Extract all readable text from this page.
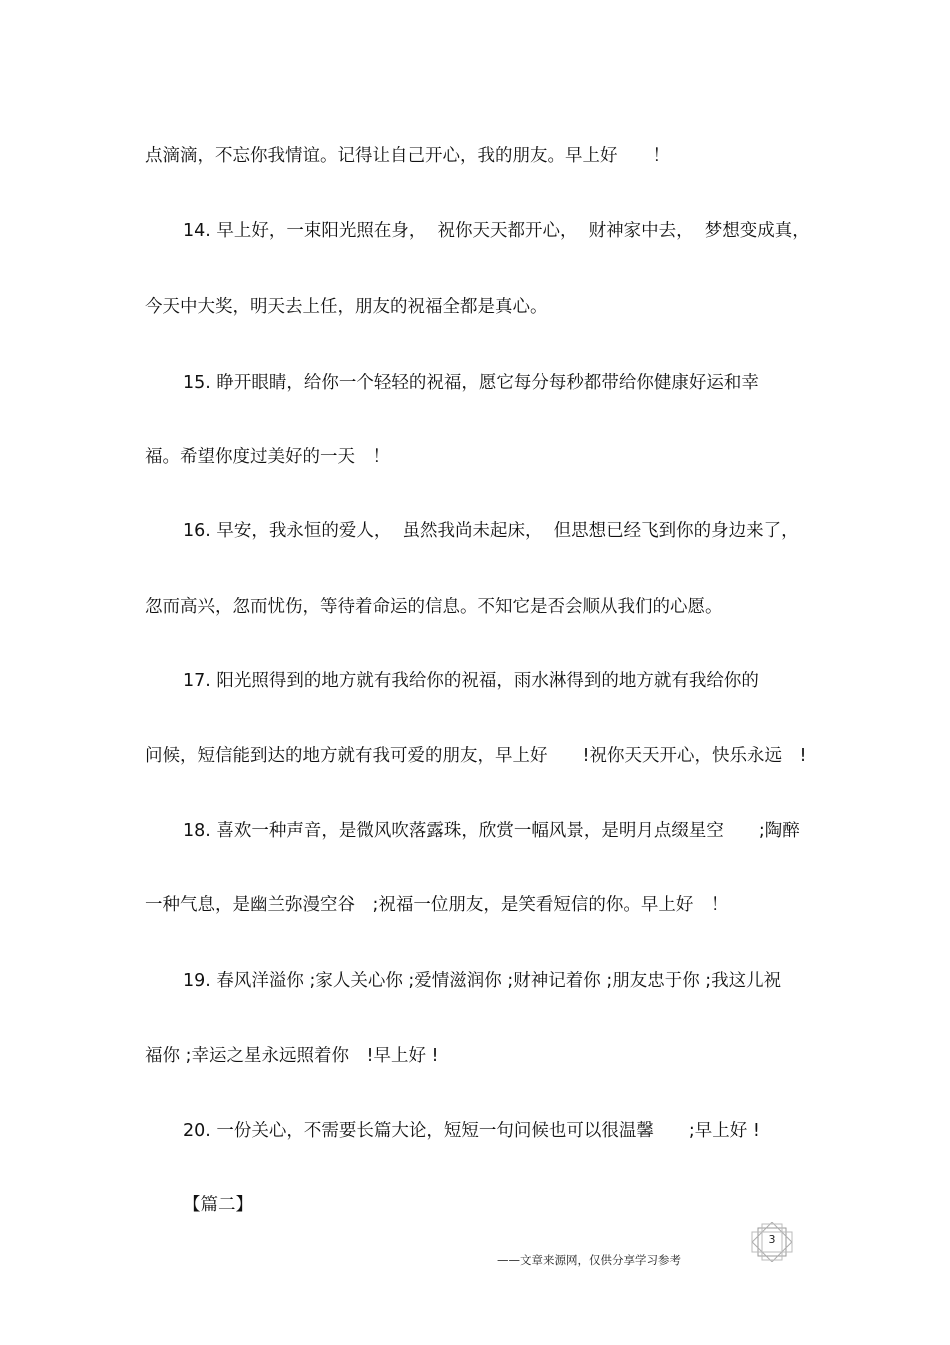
点滴滴，不忘你我情谊。记得让自己开心，我的朋友。早上好　　！
14. 早上好，一束阳光照在身，  祝你天天都开心，  财神家中去，  梦想变成真，
今天中大奖，明天去上任，朋友的祝福全都是真心。
15. 睁开眼睛，给你一个轻轻的祝福，愿它每分每秒都带给你健康好运和幸
福。希望你度过美好的一天　！
16. 早安，我永恒的爱人，  虽然我尚未起床，  但思想已经飞到你的身边来了，
忽而高兴，忽而忧伤，等待着命运的信息。不知它是否会顺从我们的心愿。
17. 阳光照得到的地方就有我给你的祝福，雨水淋得到的地方就有我给你的
问候，短信能到达的地方就有我可爱的朋友，早上好　　!祝你天天开心，快乐永远　!
18. 喜欢一种声音，是微风吹落露珠，欣赏一幅风景，是明月点缀星空　　;陶醉
一种气息，是幽兰弥漫空谷　;祝福一位朋友，是笑看短信的你。早上好　！
19. 春风洋溢你 ;家人关心你 ;爱情滋润你 ;财神记着你 ;朋友忠于你 ;我这儿祝
福你 ;幸运之星永远照着你　!早上好 !
20. 一份关心，不需要长篇大论，短短一句问候也可以很温馨　　;早上好 !
【篇二】
——文章来源网，仅供分享学习参考
3
